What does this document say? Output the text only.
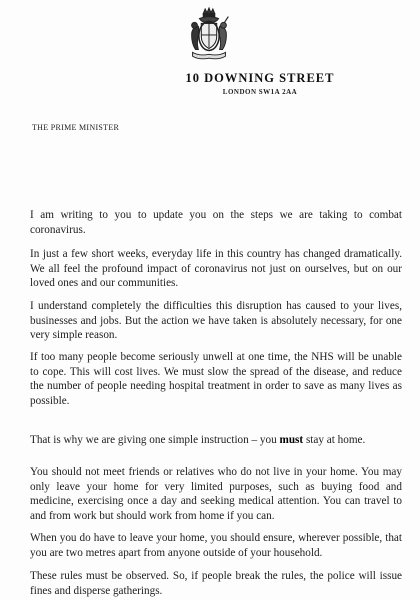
10 DOWNING STREET
LONDON SW1A 2AA
THE PRIME MINISTER

I am writing to you to update you on the steps we are taking to combat coronavirus.

In just a few short weeks, everyday life in this country has changed dramatically. We all feel the profound impact of coronavirus not just on ourselves, but on our loved ones and our communities.

I understand completely the difficulties this disruption has caused to your lives, businesses and jobs. But the action we have taken is absolutely necessary, for one very simple reason.

If too many people become seriously unwell at one time, the NHS will be unable to cope. This will cost lives. We must slow the spread of the disease, and reduce the number of people needing hospital treatment in order to save as many lives as possible.

That is why we are giving one simple instruction – you must stay at home.

You should not meet friends or relatives who do not live in your home. You may only leave your home for very limited purposes, such as buying food and medicine, exercising once a day and seeking medical attention. You can travel to and from work but should work from home if you can.

When you do have to leave your home, you should ensure, wherever possible, that you are two metres apart from anyone outside of your household.

These rules must be observed. So, if people break the rules, the police will issue fines and disperse gatherings.
